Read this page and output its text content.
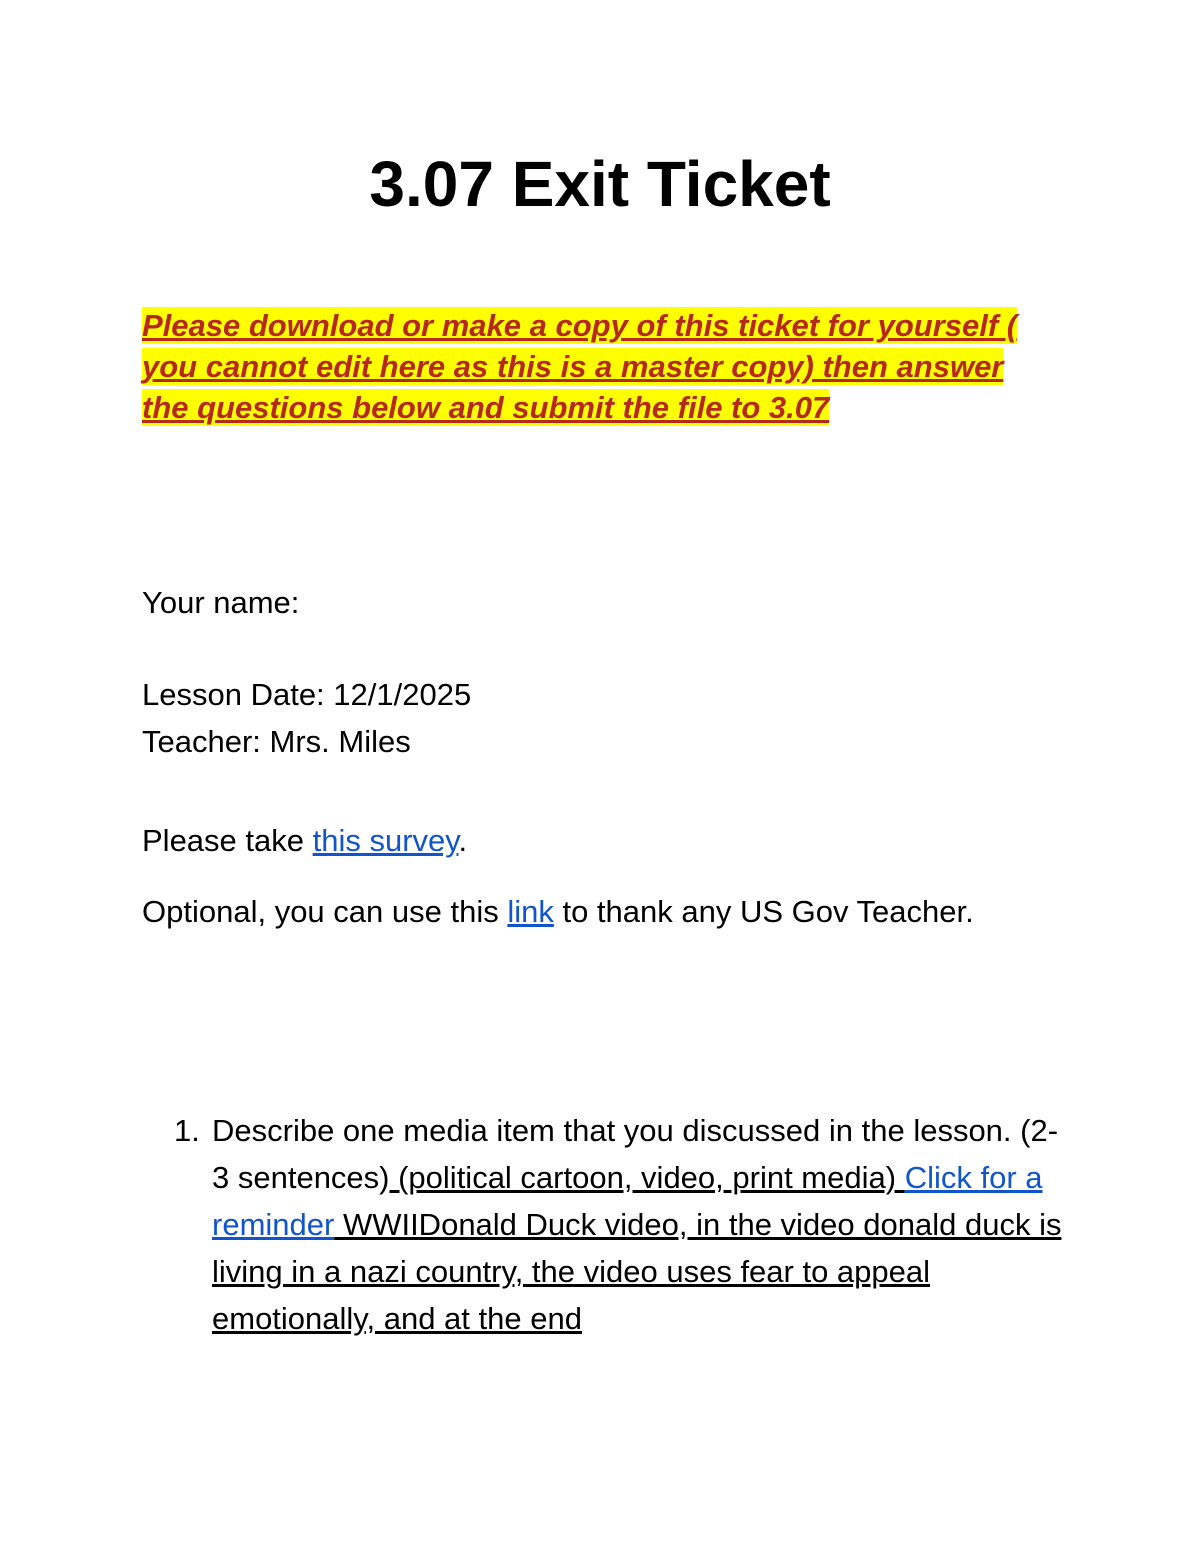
3.07 Exit Ticket

Please download or make a copy of this ticket for yourself ( you cannot edit here as this is a master copy) then answer the questions below and submit the file to 3.07

Your name:

Lesson Date: 12/1/2025

Teacher: Mrs. Miles

Please take this survey.

Optional, you can use this link to thank any US Gov Teacher.

1. Describe one media item that you discussed in the lesson. (2-3 sentences) (political cartoon, video, print media) Click for a reminder WWIIDonald Duck video, in the video donald duck is living in a nazi country, the video uses fear to appeal emotionally, and at the end
